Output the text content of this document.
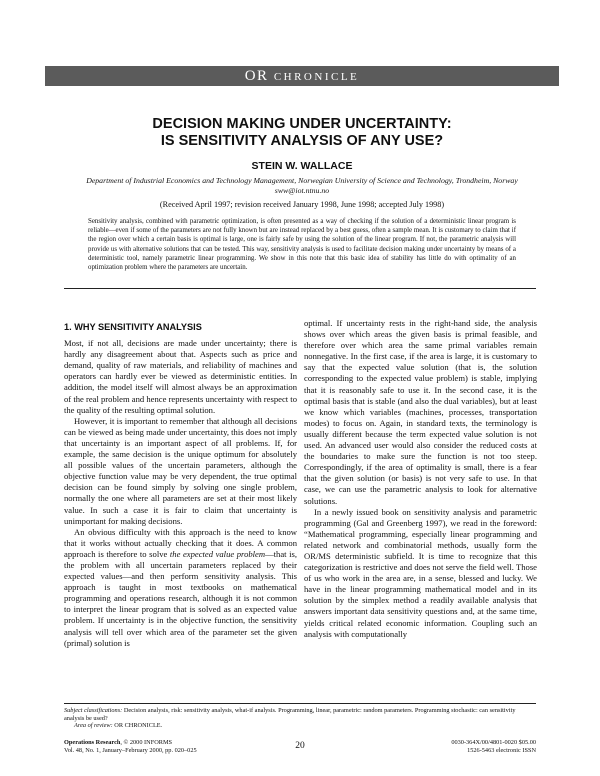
OR CHRONICLE
DECISION MAKING UNDER UNCERTAINTY:
IS SENSITIVITY ANALYSIS OF ANY USE?
STEIN W. WALLACE
Department of Industrial Economics and Technology Management, Norwegian University of Science and Technology, Trondheim, Norway
sww@iot.ntnu.no
(Received April 1997; revision received January 1998, June 1998; accepted July 1998)
Sensitivity analysis, combined with parametric optimization, is often presented as a way of checking if the solution of a deterministic linear program is reliable—even if some of the parameters are not fully known but are instead replaced by a best guess, often a sample mean. It is customary to claim that if the region over which a certain basis is optimal is large, one is fairly safe by using the solution of the linear program. If not, the parametric analysis will provide us with alternative solutions that can be tested. This way, sensitivity analysis is used to facilitate decision making under uncertainty by means of a deterministic tool, namely parametric linear programming. We show in this note that this basic idea of stability has little do with optimality of an optimization problem where the parameters are uncertain.
1. WHY SENSITIVITY ANALYSIS

Most, if not all, decisions are made under uncertainty; there is hardly any disagreement about that. Aspects such as price and demand, quality of raw materials, and reliability of machines and operators can hardly ever be viewed as deterministic entities. In addition, the model itself will almost always be an approximation of the real problem and hence represents uncertainty with respect to the quality of the resulting optimal solution.

However, it is important to remember that although all decisions can be viewed as being made under uncertainty, this does not imply that uncertainty is an important aspect of all problems. If, for example, the same decision is the unique optimum for absolutely all possible values of the uncertain parameters, although the objective function value may be very dependent, the true optimal decision can be found simply by solving one single problem, normally the one where all parameters are set at their most likely value. In such a case it is fair to claim that uncertainty is unimportant for making decisions.

An obvious difficulty with this approach is the need to know that it works without actually checking that it does. A common approach is therefore to solve the expected value problem—that is, the problem with all uncertain parameters replaced by their expected values—and then perform sensitivity analysis. This approach is taught in most textbooks on mathematical programming and operations research, although it is not common to interpret the linear program that is solved as an expected value problem. If uncertainty is in the objective function, the sensitivity analysis will tell over which area of the parameter set the given (primal) solution is

optimal. If uncertainty rests in the right-hand side, the analysis shows over which areas the given basis is primal feasible, and therefore over which area the same primal variables remain nonnegative. In the first case, if the area is large, it is customary to say that the expected value solution (that is, the solution corresponding to the expected value problem) is stable, implying that it is reasonably safe to use it. In the second case, it is the optimal basis that is stable (and also the dual variables), but at least we know which variables (machines, processes, transportation modes) to focus on. Again, in standard texts, the terminology is usually different because the term expected value solution is not used. An advanced user would also consider the reduced costs at the boundaries to make sure the function is not too steep. Correspondingly, if the area of optimality is small, there is a fear that the given solution (or basis) is not very safe to use. In that case, we can use the parametric analysis to look for alternative solutions.

In a newly issued book on sensitivity analysis and parametric programming (Gal and Greenberg 1997), we read in the foreword: “Mathematical programming, especially linear programming and related network and combinatorial methods, usually form the OR/MS deterministic subfield. It is time to recognize that this categorization is restrictive and does not serve the field well. Those of us who work in the area are, in a sense, blessed and lucky. We have in the linear programming mathematical model and in its solution by the simplex method a readily available analysis that answers important data sensitivity questions and, at the same time, yields critical related economic information. Coupling such an analysis with computationally

Subject classifications: Decision analysis, risk: sensitivity analysis, what-if analysis. Programming, linear, parametric: random parameters. Programming stochastic: can sensitivity analysis be used?
Area of review: OR CHRONICLE.
Operations Research, © 2000 INFORMS
Vol. 48, No. 1, January–February 2000, pp. 020–025	20	0030-364X/00/4801-0020 $05.00
1526-5463 electronic ISSN
